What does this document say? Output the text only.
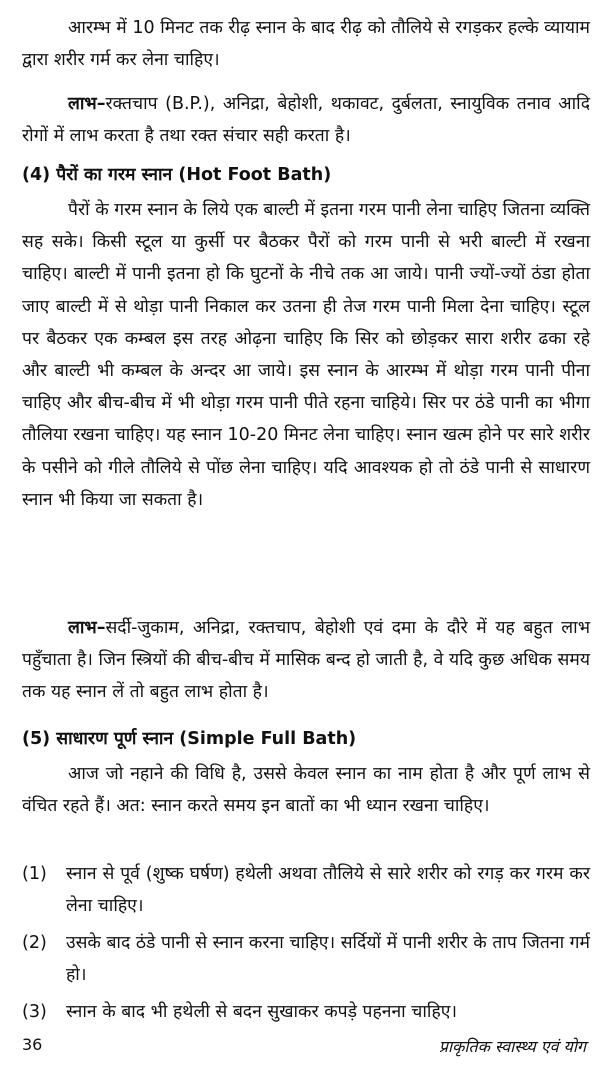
आरम्भ में 10 मिनट तक रीढ़ स्नान के बाद रीढ़ को तौलिये से रगड़कर हल्के व्यायाम द्वारा शरीर गर्म कर लेना चाहिए।

लाभ–रक्तचाप (B.P.), अनिद्रा, बेहोशी, थकावट, दुर्बलता, स्नायुविक तनाव आदि रोगों में लाभ करता है तथा रक्त संचार सही करता है।

(4) पैरों का गरम स्नान (Hot Foot Bath)

पैरों के गरम स्नान के लिये एक बाल्टी में इतना गरम पानी लेना चाहिए जितना व्यक्ति सह सके। किसी स्टूल या कुर्सी पर बैठकर पैरों को गरम पानी से भरी बाल्टी में रखना चाहिए। बाल्टी में पानी इतना हो कि घुटनों के नीचे तक आ जाये। पानी ज्यों-ज्यों ठंडा होता जाए बाल्टी में से थोड़ा पानी निकाल कर उतना ही तेज गरम पानी मिला देना चाहिए। स्टूल पर बैठकर एक कम्बल इस तरह ओढ़ना चाहिए कि सिर को छोड़कर सारा शरीर ढका रहे और बाल्टी भी कम्बल के अन्दर आ जाये। इस स्नान के आरम्भ में थोड़ा गरम पानी पीना चाहिए और बीच-बीच में भी थोड़ा गरम पानी पीते रहना चाहिये। सिर पर ठंडे पानी का भीगा तौलिया रखना चाहिए। यह स्नान 10-20 मिनट लेना चाहिए। स्नान खत्म होने पर सारे शरीर के पसीने को गीले तौलिये से पोंछ लेना चाहिए। यदि आवश्यक हो तो ठंडे पानी से साधारण स्नान भी किया जा सकता है।

लाभ–सर्दी-जुकाम, अनिद्रा, रक्तचाप, बेहोशी एवं दमा के दौरे में यह बहुत लाभ पहुँचाता है। जिन स्त्रियों की बीच-बीच में मासिक बन्द हो जाती है, वे यदि कुछ अधिक समय तक यह स्नान लें तो बहुत लाभ होता है।

(5) साधारण पूर्ण स्नान (Simple Full Bath)

आज जो नहाने की विधि है, उससे केवल स्नान का नाम होता है और पूर्ण लाभ से वंचित रहते हैं। अत: स्नान करते समय इन बातों का भी ध्यान रखना चाहिए।

(1)	स्नान से पूर्व (शुष्क घर्षण) हथेली अथवा तौलिये से सारे शरीर को रगड़ कर गरम कर लेना चाहिए।
(2)	उसके बाद ठंडे पानी से स्नान करना चाहिए। सर्दियों में पानी शरीर के ताप जितना गर्म हो।
(3)	स्नान के बाद भी हथेली से बदन सुखाकर कपड़े पहनना चाहिए।
36	प्राकृतिक स्वास्थ्य एवं योग
